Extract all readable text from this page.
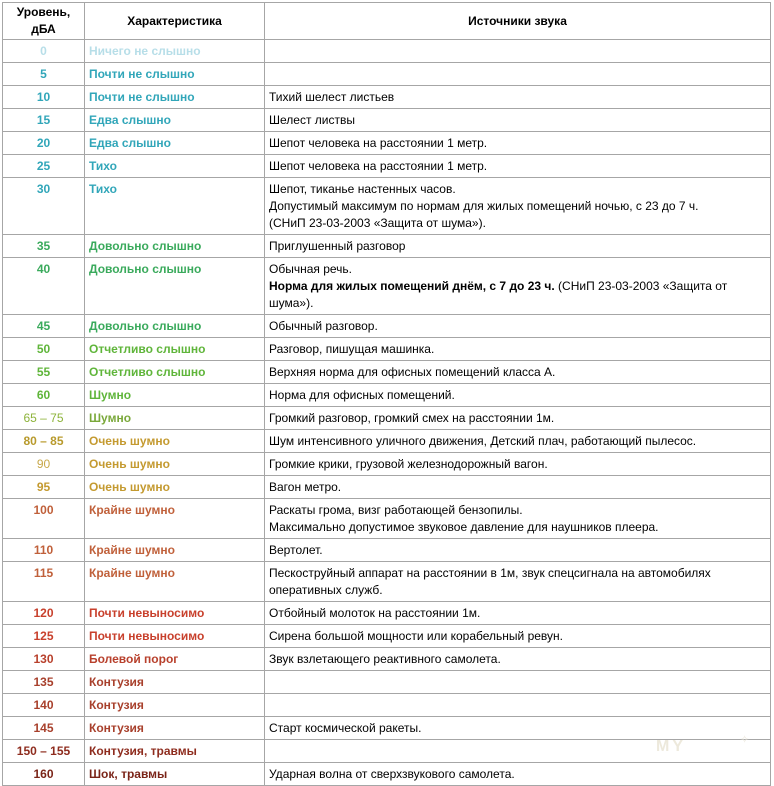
Уровень, дБА	Характеристика	Источники звука
0	Ничего не слышно	
5	Почти не слышно	
10	Почти не слышно	Тихий шелест листьев
15	Едва слышно	Шелест листвы
20	Едва слышно	Шепот человека на расстоянии 1 метр.
25	Тихо	Шепот человека на расстоянии 1 метр.
30	Тихо	Шепот, тиканье настенных часов.
Допустимый максимум по нормам для жилых помещений ночью, с 23 до 7 ч.
(СНиП 23-03-2003 «Защита от шума»).

35	Довольно слышно	Приглушенный разговор
40	Довольно слышно	Обычная речь.
Норма для жилых помещений днём, с 7 до 23 ч. (СНиП 23-03-2003 «Защита от шума»).

45	Довольно слышно	Обычный разговор.
50	Отчетливо слышно	Разговор, пишущая машинка.
55	Отчетливо слышно	Верхняя норма для офисных помещений класса А.
60	Шумно	Норма для офисных помещений.
65 – 75	Шумно	Громкий разговор, громкий смех на расстоянии 1м.
80 – 85	Очень шумно	Шум интенсивного уличного движения, Детский плач, работающий пылесос.
90	Очень шумно	Громкие крики, грузовой железнодорожный вагон.
95	Очень шумно	Вагон метро.
100	Крайне шумно	Раскаты грома, визг работающей бензопилы.
Максимально допустимое звуковое давление для наушников плеера.

110	Крайне шумно	Вертолет.
115	Крайне шумно	Пескоструйный аппарат на расстоянии в 1м, звук спецсигнала на автомобилях
оперативных служб.

120	Почти невыносимо	Отбойный молоток на расстоянии 1м.
125	Почти невыносимо	Сирена большой мощности или корабельный ревун.
130	Болевой порог	Звук взлетающего реактивного самолета.
135	Контузия	
140	Контузия	
145	Контузия	Старт космической ракеты.
150 – 155	Контузия, травмы	
160	Шок, травмы	Ударная волна от сверхзвукового самолета.
MY	✧
